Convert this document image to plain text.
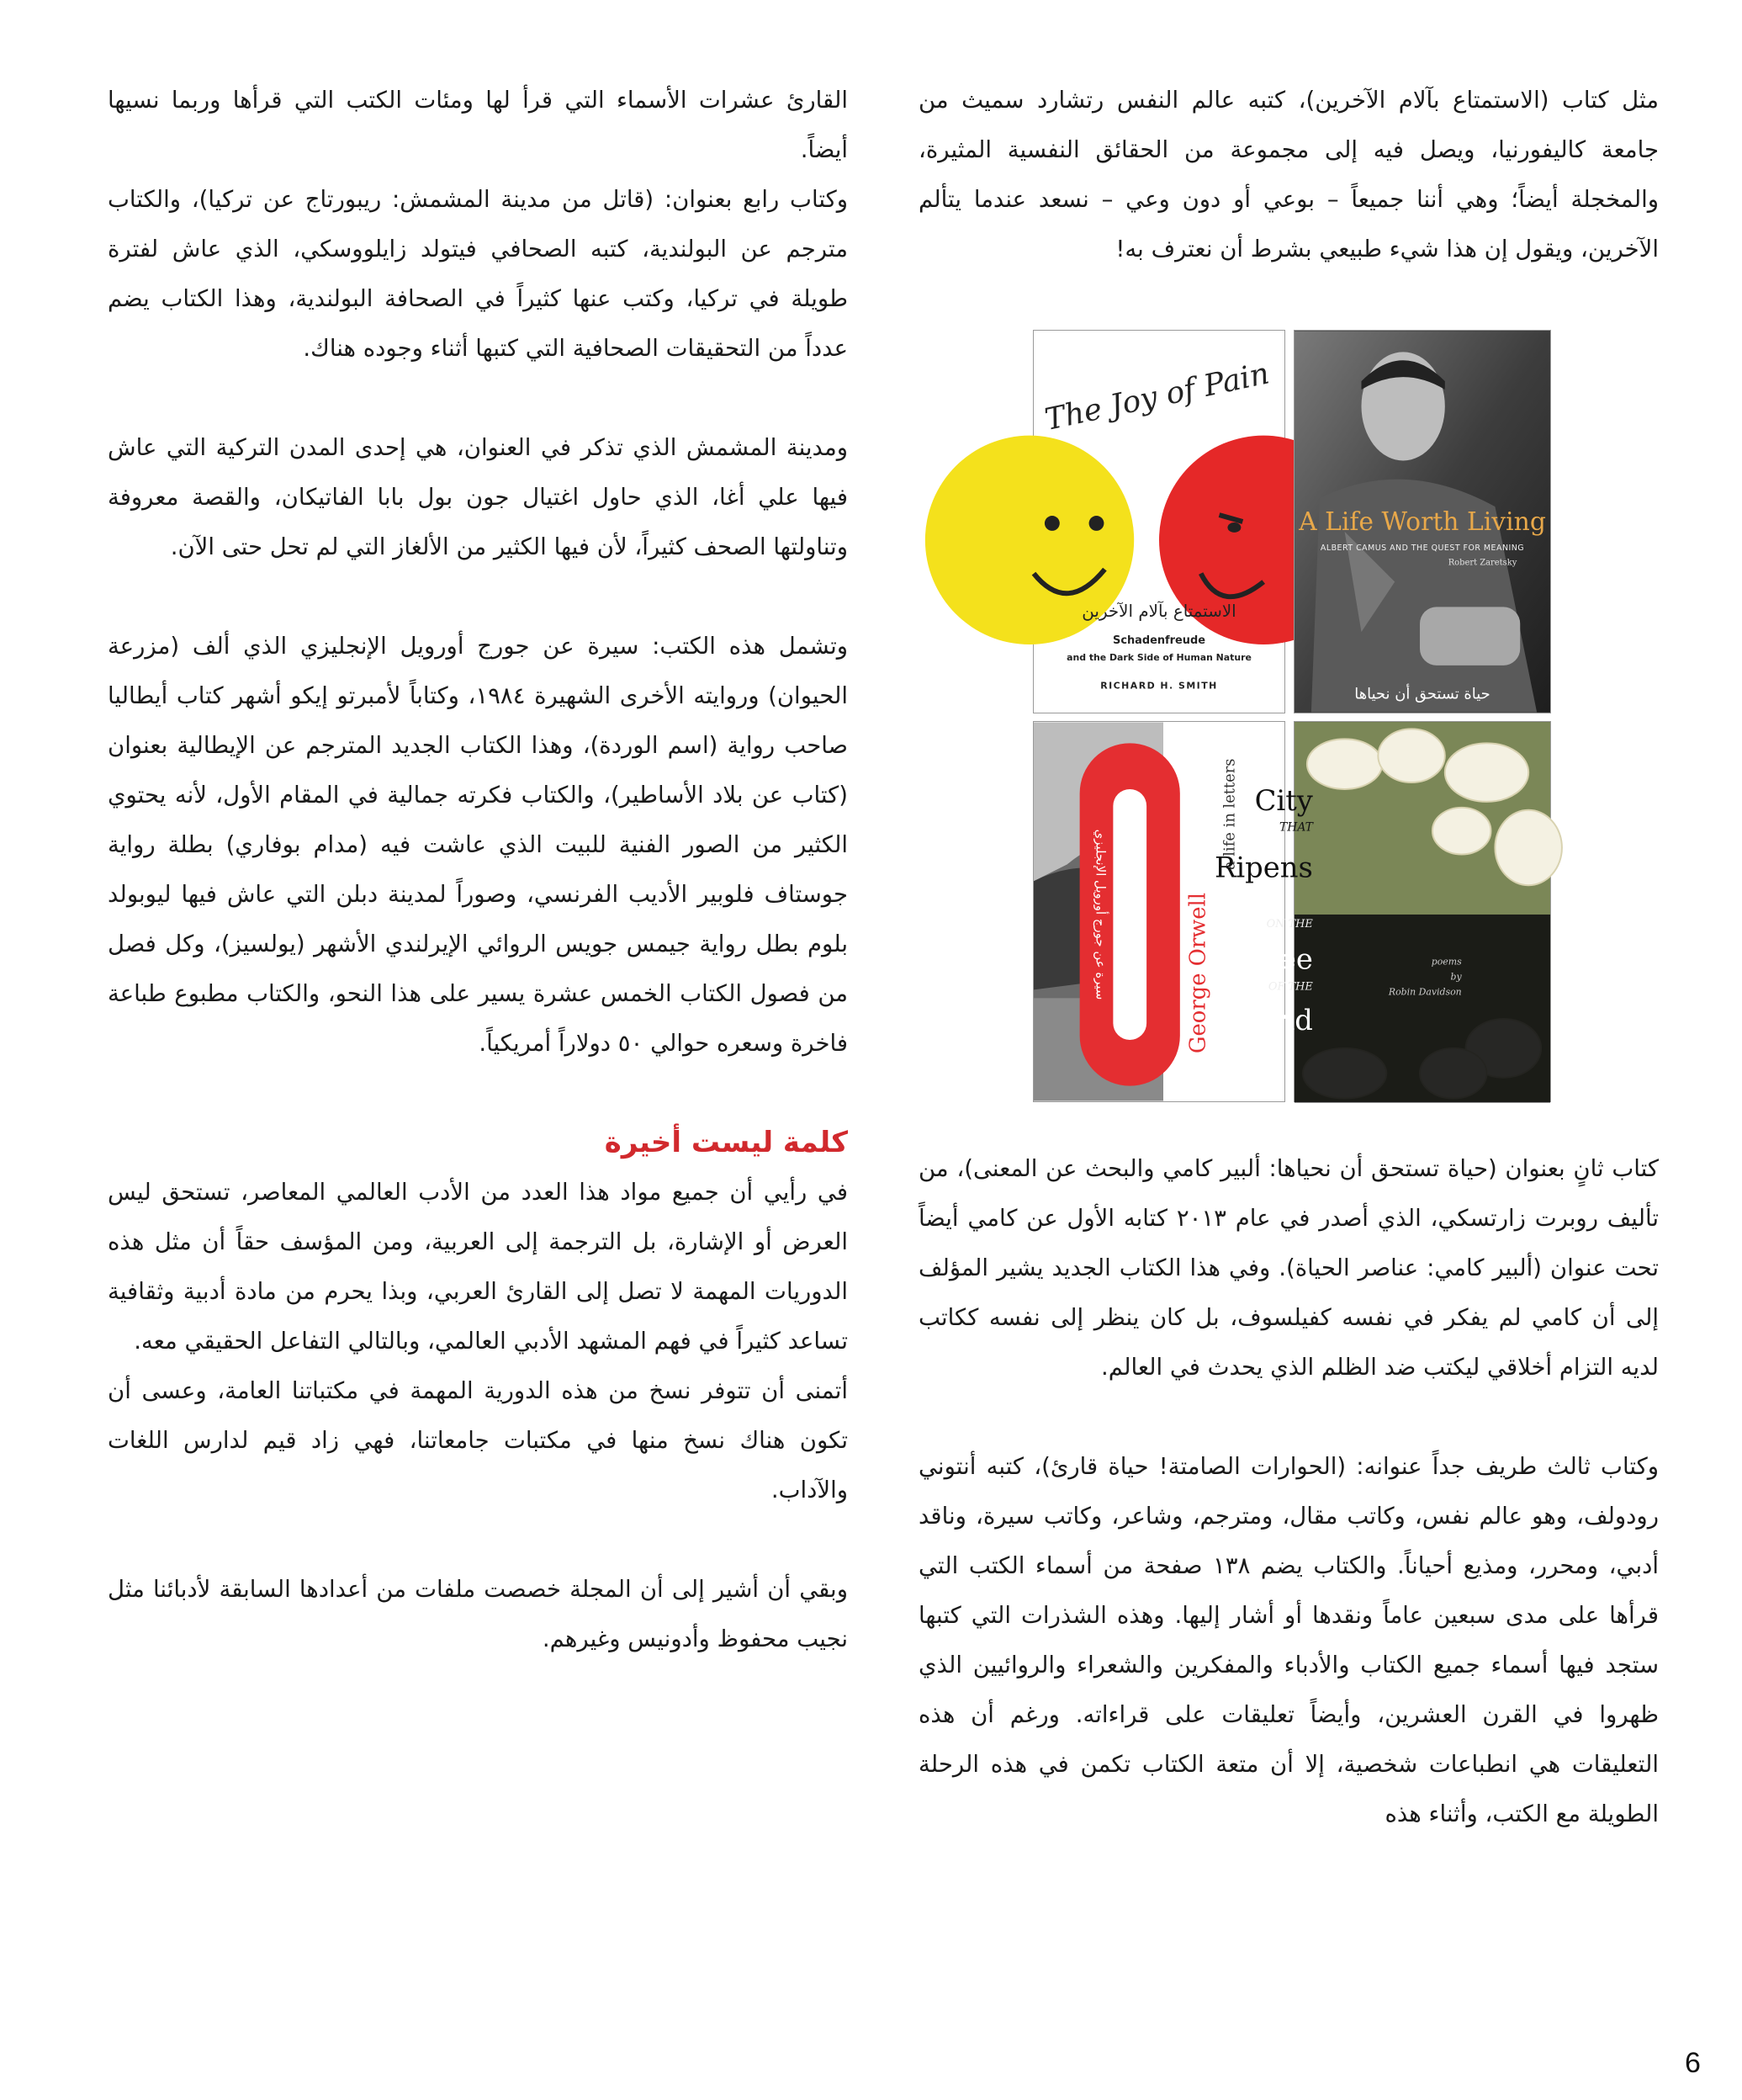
مثل كتاب (الاستمتاع بآلام الآخرين)، كتبه عالم النفس رتشارد سميث من جامعة كاليفورنيا، ويصل فيه إلى مجموعة من الحقائق النفسية المثيرة، والمخجلة أيضاً؛ وهي أننا جميعاً – بوعي أو دون وعي – نسعد عندما يتألم الآخرين، ويقول إن هذا شيء طبيعي بشرط أن نعترف به!

The Joy of Pain
الاستمتاع بآلام الآخرين
Schadenfreude
and the Dark Side of Human Nature
RICHARD H. SMITH
A Life Worth Living
ALBERT CAMUS AND THE QUEST FOR MEANING
Robert Zaretsky
حياة تستحق أن نحياها
سيرة عن جورج أورويل الإنجليزي	George Orwell
a life in letters City
THAT
Ripens
ON THE
Tree
OF THE
World
poems
by
Robin Davidson

كتاب ثانٍ بعنوان (حياة تستحق أن نحياها: ألبير كامي والبحث عن المعنى)، من تأليف روبرت زارتسكي، الذي أصدر في عام ٢٠١٣ كتابه الأول عن كامي أيضاً تحت عنوان (ألبير كامي: عناصر الحياة). وفي هذا الكتاب الجديد يشير المؤلف إلى أن كامي لم يفكر في نفسه كفيلسوف، بل كان ينظر إلى نفسه ككاتب لديه التزام أخلاقي ليكتب ضد الظلم الذي يحدث في العالم.

وكتاب ثالث طريف جداً عنوانه: (الحوارات الصامتة! حياة قارئ)، كتبه أنتوني رودولف، وهو عالم نفس، وكاتب مقال، ومترجم، وشاعر، وكاتب سيرة، وناقد أدبي، ومحرر، ومذيع أحياناً. والكتاب يضم ١٣٨ صفحة من أسماء الكتب التي قرأها على مدى سبعين عاماً ونقدها أو أشار إليها. وهذه الشذرات التي كتبها ستجد فيها أسماء جميع الكتاب والأدباء والمفكرين والشعراء والروائيين الذي ظهروا في القرن العشرين، وأيضاً تعليقات على قراءاته. ورغم أن هذه التعليقات هي انطباعات شخصية، إلا أن متعة الكتاب تكمن في هذه الرحلة الطويلة مع الكتب، وأثناء هذه

القارئ عشرات الأسماء التي قرأ لها ومئات الكتب التي قرأها وربما نسيها أيضاً.

وكتاب رابع بعنوان: (قاتل من مدينة المشمش: ريبورتاج عن تركيا)، والكتاب مترجم عن البولندية، كتبه الصحافي فيتولد زايلووسكي، الذي عاش لفترة طويلة في تركيا، وكتب عنها كثيراً في الصحافة البولندية، وهذا الكتاب يضم عدداً من التحقيقات الصحافية التي كتبها أثناء وجوده هناك.

ومدينة المشمش الذي تذكر في العنوان، هي إحدى المدن التركية التي عاش فيها علي أغا، الذي حاول اغتيال جون بول بابا الفاتيكان، والقصة معروفة وتناولتها الصحف كثيراً، لأن فيها الكثير من الألغاز التي لم تحل حتى الآن.

وتشمل هذه الكتب: سيرة عن جورج أورويل الإنجليزي الذي ألف (مزرعة الحيوان) وروايته الأخرى الشهيرة ١٩٨٤، وكتاباً لأمبرتو إيكو أشهر كتاب أيطاليا صاحب رواية (اسم الوردة)، وهذا الكتاب الجديد المترجم عن الإيطالية بعنوان (كتاب عن بلاد الأساطير)، والكتاب فكرته جمالية في المقام الأول، لأنه يحتوي الكثير من الصور الفنية للبيت الذي عاشت فيه (مدام بوفاري) بطلة رواية جوستاف فلوبير الأديب الفرنسي، وصوراً لمدينة دبلن التي عاش فيها ليوبولد بلوم بطل رواية جيمس جويس الروائي الإيرلندي الأشهر (يولسيز)، وكل فصل من فصول الكتاب الخمس عشرة يسير على هذا النحو، والكتاب مطبوع طباعة فاخرة وسعره حوالي ٥٠ دولاراً أمريكياً.

كلمة ليست أخيرة

في رأيي أن جميع مواد هذا العدد من الأدب العالمي المعاصر، تستحق ليس العرض أو الإشارة، بل الترجمة إلى العربية، ومن المؤسف حقاً أن مثل هذه الدوريات المهمة لا تصل إلى القارئ العربي، وبذا يحرم من مادة أدبية وثقافية تساعد كثيراً في فهم المشهد الأدبي العالمي، وبالتالي التفاعل الحقيقي معه.

أتمنى أن تتوفر نسخ من هذه الدورية المهمة في مكتباتنا العامة، وعسى أن تكون هناك نسخ منها في مكتبات جامعاتنا، فهي زاد قيم لدارس اللغات والآداب.

وبقي أن أشير إلى أن المجلة خصصت ملفات من أعدادها السابقة لأدبائنا مثل نجيب محفوظ وأدونيس وغيرهم.

6
